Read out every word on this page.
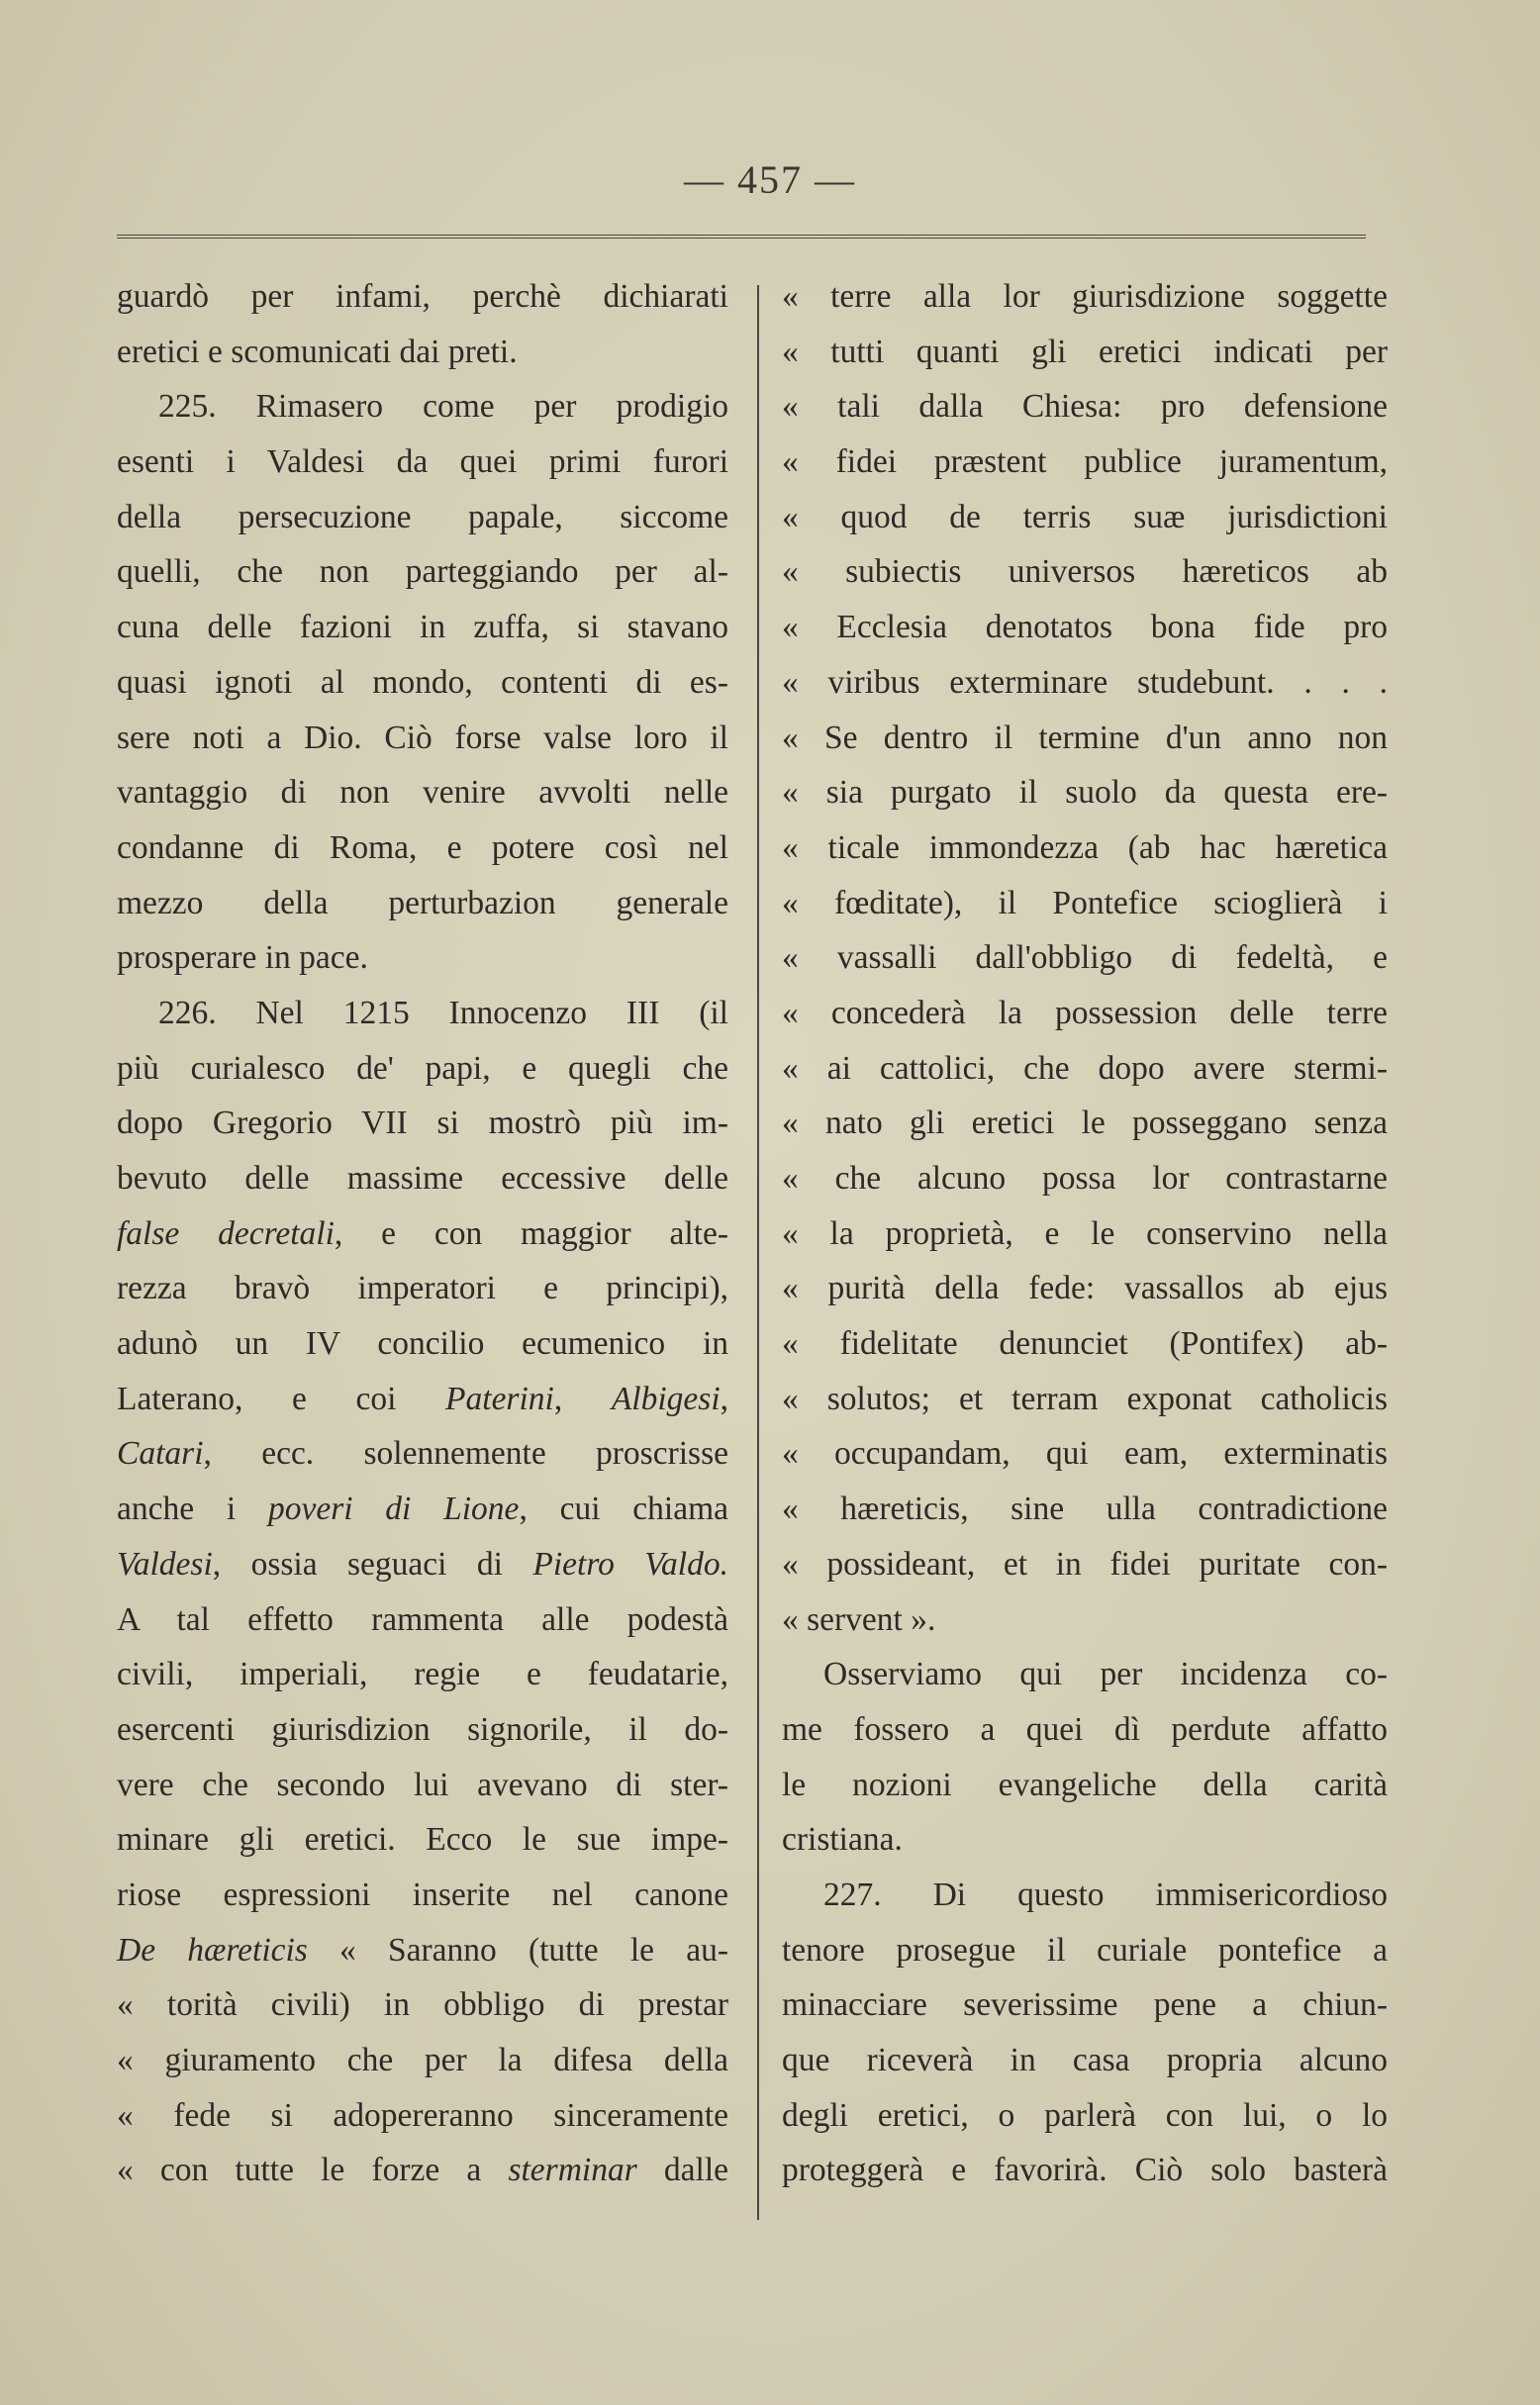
— 457 —
guardò per infami, perchè dichiarati
eretici e scomunicati dai preti.
225. Rimasero come per prodigio
esenti i Valdesi da quei primi furori
della persecuzione papale, siccome
quelli, che non parteggiando per al-
cuna delle fazioni in zuffa, si stavano
quasi ignoti al mondo, contenti di es-
sere noti a Dio. Ciò forse valse loro il
vantaggio di non venire avvolti nelle
condanne di Roma, e potere così nel
mezzo della perturbazion generale
prosperare in pace.
226. Nel 1215 Innocenzo III (il
più curialesco de' papi, e quegli che
dopo Gregorio VII si mostrò più im-
bevuto delle massime eccessive delle
false decretali, e con maggior alte-
rezza bravò imperatori e principi),
adunò un IV concilio ecumenico in
Laterano, e coi Paterini, Albigesi,
Catari, ecc. solennemente proscrisse
anche i poveri di Lione, cui chiama
Valdesi, ossia seguaci di Pietro Valdo.
A tal effetto rammenta alle podestà
civili, imperiali, regie e feudatarie,
esercenti giurisdizion signorile, il do-
vere che secondo lui avevano di ster-
minare gli eretici. Ecco le sue impe-
riose espressioni inserite nel canone
De hæreticis « Saranno (tutte le au-
« torità civili) in obbligo di prestar
« giuramento che per la difesa della
« fede si adopereranno sinceramente
« con tutte le forze a sterminar dalle
« terre alla lor giurisdizione soggette
« tutti quanti gli eretici indicati per
« tali dalla Chiesa: pro defensione
« fidei præstent publice juramentum,
« quod de terris suæ jurisdictioni
« subiectis universos hæreticos ab
« Ecclesia denotatos bona fide pro
« viribus exterminare studebunt. . . .
« Se dentro il termine d'un anno non
« sia purgato il suolo da questa ere-
« ticale immondezza (ab hac hæretica
« fœditate), il Pontefice scioglierà i
« vassalli dall'obbligo di fedeltà, e
« concederà la possession delle terre
« ai cattolici, che dopo avere stermi-
« nato gli eretici le posseggano senza
« che alcuno possa lor contrastarne
« la proprietà, e le conservino nella
« purità della fede: vassallos ab ejus
« fidelitate denunciet (Pontifex) ab-
« solutos; et terram exponat catholicis
« occupandam, qui eam, exterminatis
« hæreticis, sine ulla contradictione
« possideant, et in fidei puritate con-
« servent ».
Osserviamo qui per incidenza co-
me fossero a quei dì perdute affatto
le nozioni evangeliche della carità
cristiana.
227. Di questo immisericordioso
tenore prosegue il curiale pontefice a
minacciare severissime pene a chiun-
que riceverà in casa propria alcuno
degli eretici, o parlerà con lui, o lo
proteggerà e favorirà. Ciò solo basterà
